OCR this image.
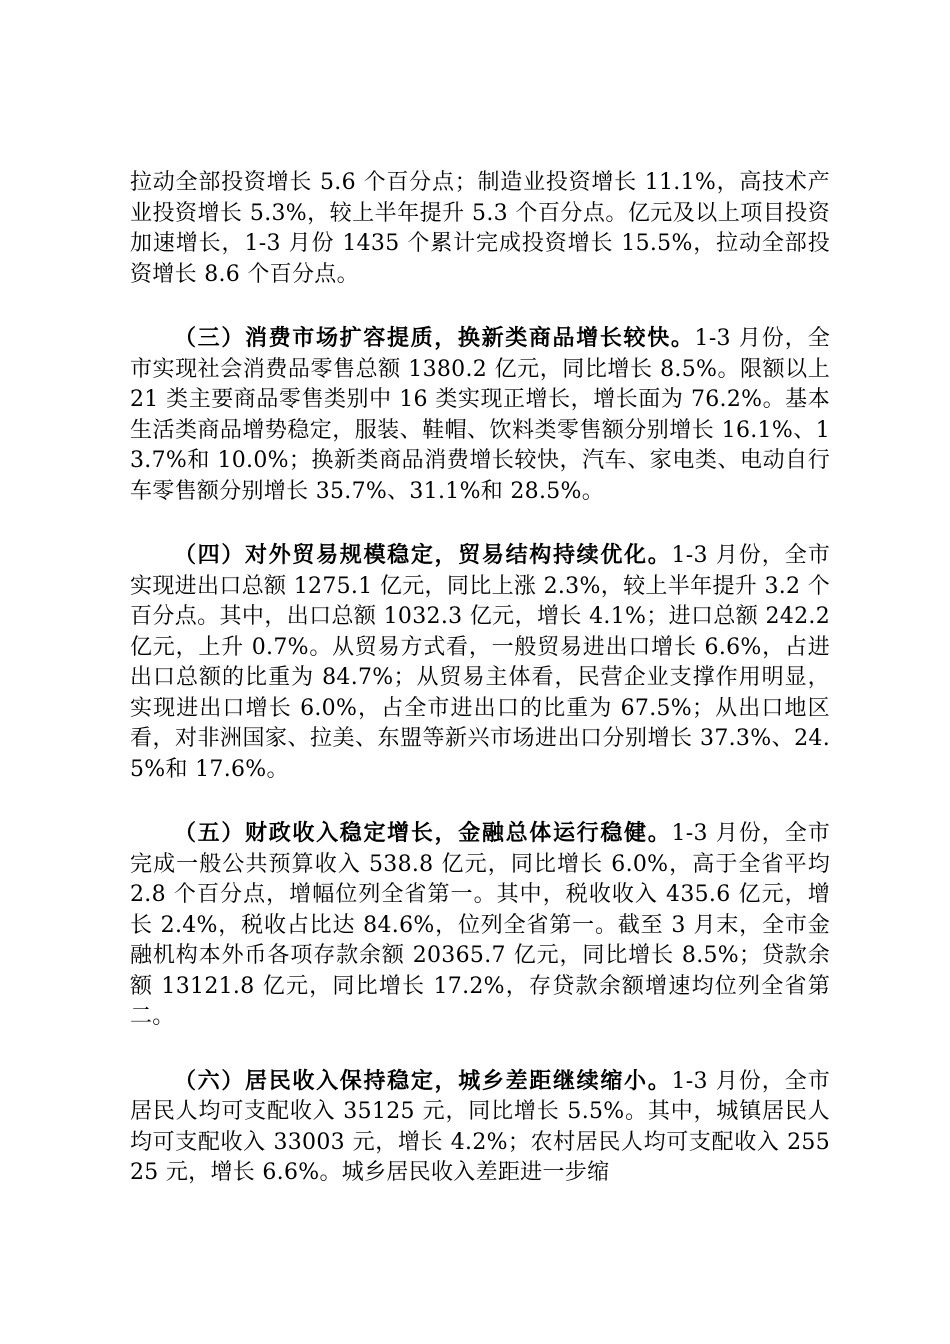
拉动全部投资增长 5.6 个百分点；制造业投资增长 11.1%，高技术产业投资增长 5.3%，较上半年提升 5.3 个百分点。亿元及以上项目投资加速增长，1-3 月份 1435 个累计完成投资增长 15.5%，拉动全部投资增长 8.6 个百分点。

（三）消费市场扩容提质，换新类商品增长较快。1-3 月份，全市实现社会消费品零售总额 1380.2 亿元，同比增长 8.5%。限额以上 21 类主要商品零售类别中 16 类实现正增长，增长面为 76.2%。基本生活类商品增势稳定，服装、鞋帽、饮料类零售额分别增长 16.1%、13.7%和 10.0%；换新类商品消费增长较快，汽车、家电类、电动自行车零售额分别增长 35.7%、31.1%和 28.5%。

（四）对外贸易规模稳定，贸易结构持续优化。1-3 月份，全市实现进出口总额 1275.1 亿元，同比上涨 2.3%，较上半年提升 3.2 个百分点。其中，出口总额 1032.3 亿元，增长 4.1%；进口总额 242.2 亿元，上升 0.7%。从贸易方式看，一般贸易进出口增长 6.6%，占进出口总额的比重为 84.7%；从贸易主体看，民营企业支撑作用明显，实现进出口增长 6.0%，占全市进出口的比重为 67.5%；从出口地区看，对非洲国家、拉美、东盟等新兴市场进出口分别增长 37.3%、24.5%和 17.6%。

（五）财政收入稳定增长，金融总体运行稳健。1-3 月份，全市完成一般公共预算收入 538.8 亿元，同比增长 6.0%，高于全省平均 2.8 个百分点，增幅位列全省第一。其中，税收收入 435.6 亿元，增长 2.4%，税收占比达 84.6%，位列全省第一。截至 3 月末，全市金融机构本外币各项存款余额 20365.7 亿元，同比增长 8.5%；贷款余额 13121.8 亿元，同比增长 17.2%，存贷款余额增速均位列全省第二。

（六）居民收入保持稳定，城乡差距继续缩小。1-3 月份，全市居民人均可支配收入 35125 元，同比增长 5.5%。其中，城镇居民人均可支配收入 33003 元，增长 4.2%；农村居民人均可支配收入 25525 元，增长 6.6%。城乡居民收入差距进一步缩
